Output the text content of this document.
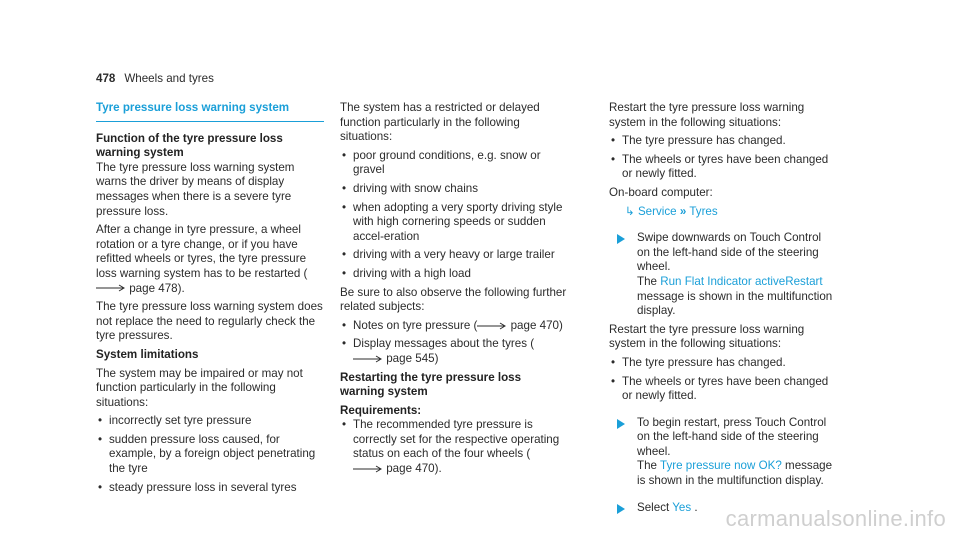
478 Wheels and tyres
Tyre pressure loss warning system

Function of the tyre pressure loss warning system

The tyre pressure loss warning system warns the driver by means of display messages when there is a severe tyre pressure loss.

After a change in tyre pressure, a wheel rotation or a tyre change, or if you have refitted wheels or tyres, the tyre pressure loss warning system has to be restarted ( page 478).

The tyre pressure loss warning system does not replace the need to regularly check the tyre pressures.

System limitations

The system may be impaired or may not function particularly in the following situations:

• incorrectly set tyre pressure
• sudden pressure loss caused, for example, by a foreign object penetrating the tyre
• steady pressure loss in several tyres

The system has a restricted or delayed function particularly in the following situations:

• poor ground conditions, e.g. snow or gravel
• driving with snow chains
• when adopting a very sporty driving style with high cornering speeds or sudden accel-eration
• driving with a very heavy or large trailer
• driving with a high load

Be sure to also observe the following further related subjects:

• Notes on tyre pressure (	page 470)
• Display messages about the tyres ( page 545)

Restarting the tyre pressure loss warning system

Requirements:

• The recommended tyre pressure is correctly set for the respective operating status on each of the four wheels ( page 470).

Restart the tyre pressure loss warning system in the following situations:

• The tyre pressure has changed.
• The wheels or tyres have been changed or newly fitted.

On-board computer:

↳ Service » Tyres
Swipe downwards on Touch Control on the left-hand side of the steering wheel.
The Run Flat Indicator activeRestart message is shown in the multifunction display.

Restart the tyre pressure loss warning system in the following situations:

• The tyre pressure has changed.
• The wheels or tyres have been changed or newly fitted.
To begin restart, press Touch Control on the left-hand side of the steering wheel.
The Tyre pressure now OK? message is shown in the multifunction display.
Select Yes .	carmanualsonline.info
